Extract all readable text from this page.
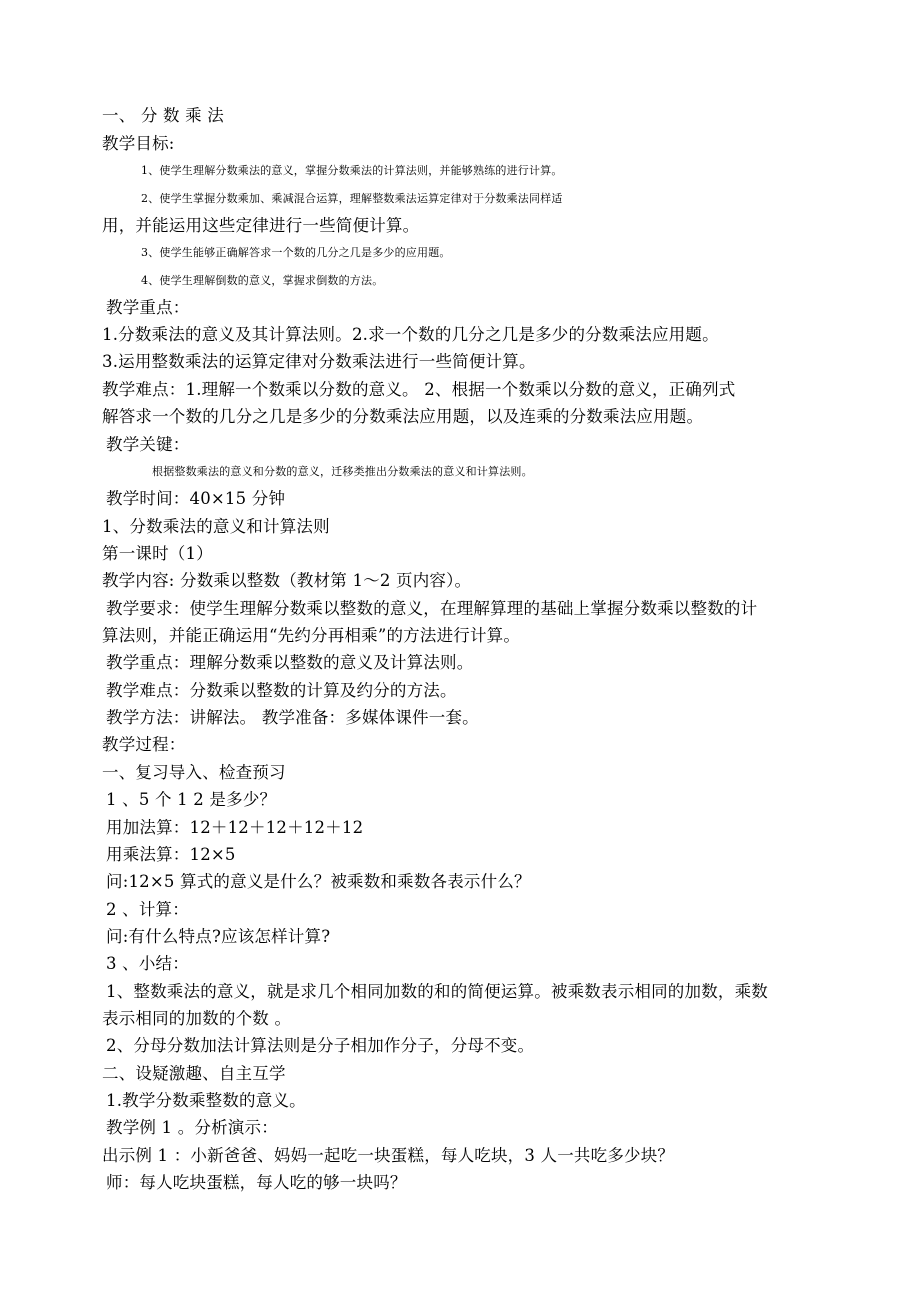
一、 分 数 乘 法
教学目标:
1、使学生理解分数乘法的意义，掌握分数乘法的计算法则，并能够熟练的进行计算。
2、使学生掌握分数乘加、乘减混合运算，理解整数乘法运算定律对于分数乘法同样适
用，并能运用这些定律进行一些简便计算。
3、使学生能够正确解答求一个数的几分之几是多少的应用题。
4、使学生理解倒数的意义，掌握求倒数的方法。
教学重点：
1.分数乘法的意义及其计算法则。2.求一个数的几分之几是多少的分数乘法应用题。
3.运用整数乘法的运算定律对分数乘法进行一些简便计算。
教学难点：1.理解一个数乘以分数的意义。 2、根据一个数乘以分数的意义，正确列式
解答求一个数的几分之几是多少的分数乘法应用题，以及连乘的分数乘法应用题。
教学关键：
根据整数乘法的意义和分数的意义，迁移类推出分数乘法的意义和计算法则。
教学时间：40×15 分钟
1、分数乘法的意义和计算法则
第一课时（1）
教学内容: 分数乘以整数（教材第 1～2 页内容）。
教学要求：使学生理解分数乘以整数的意义，在理解算理的基础上掌握分数乘以整数的计
算法则，并能正确运用“先约分再相乘”的方法进行计算。
教学重点：理解分数乘以整数的意义及计算法则。
教学难点：分数乘以整数的计算及约分的方法。
教学方法：讲解法。 教学准备：多媒体课件一套。
教学过程：
一、复习导入、检查预习
1 、5 个 1 2 是多少？
用加法算：12＋12＋12＋12＋12
用乘法算：12×5
问:12×5 算式的意义是什么？被乘数和乘数各表示什么？
2 、计算：
问:有什么特点?应该怎样计算?
3 、小结：
1、整数乘法的意义，就是求几个相同加数的和的简便运算。被乘数表示相同的加数，乘数
表示相同的加数的个数 。
2、分母分数加法计算法则是分子相加作分子，分母不变。
二、设疑激趣、自主互学
1.教学分数乘整数的意义。
教学例 1 。分析演示：
出示例 1 ：小新爸爸、妈妈一起吃一块蛋糕，每人吃块，3 人一共吃多少块？
师：每人吃块蛋糕，每人吃的够一块吗？
